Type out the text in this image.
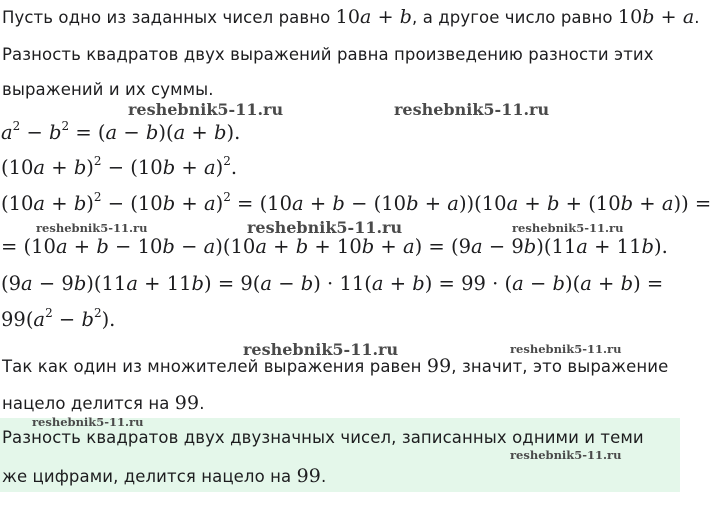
Пусть одно из заданных чисел равно 10a + b, а другое число равно 10b + a.
Разность квадратов двух выражений равна произведению разности этих
выражений и их суммы.
$a^2 - b^2 = (a - b)(a + b)$.
$(10a + b)^2 - (10b + a)^2$.
$(10a + b)^2 - (10b + a)^2 = (10a + b - (10b + a))(10a + b + (10b + a))$ =
= (10a + b − 10b − a)(10a + b + 10b + a) = (9a − 9b)(11a + 11b).
(9a − 9b)(11a + 11b) = 9(a − b) · 11(a + b) = 99 · (a − b)(a + b) =
$99(a^2 - b^2)$.
Так как один из множителей выражения равен 99, значит, это выражение
нацело делится на 99.
Разность квадратов двух двузначных чисел, записанных одними и теми
же цифрами, делится нацело на 99.
reshebnik5-11.ru	reshebnik5-11.ru
reshebnik5-11.ru	reshebnik5-11.ru	reshebnik5-11.ru
reshebnik5-11.ru	reshebnik5-11.ru
reshebnik5-11.ru
reshebnik5-11.ru
